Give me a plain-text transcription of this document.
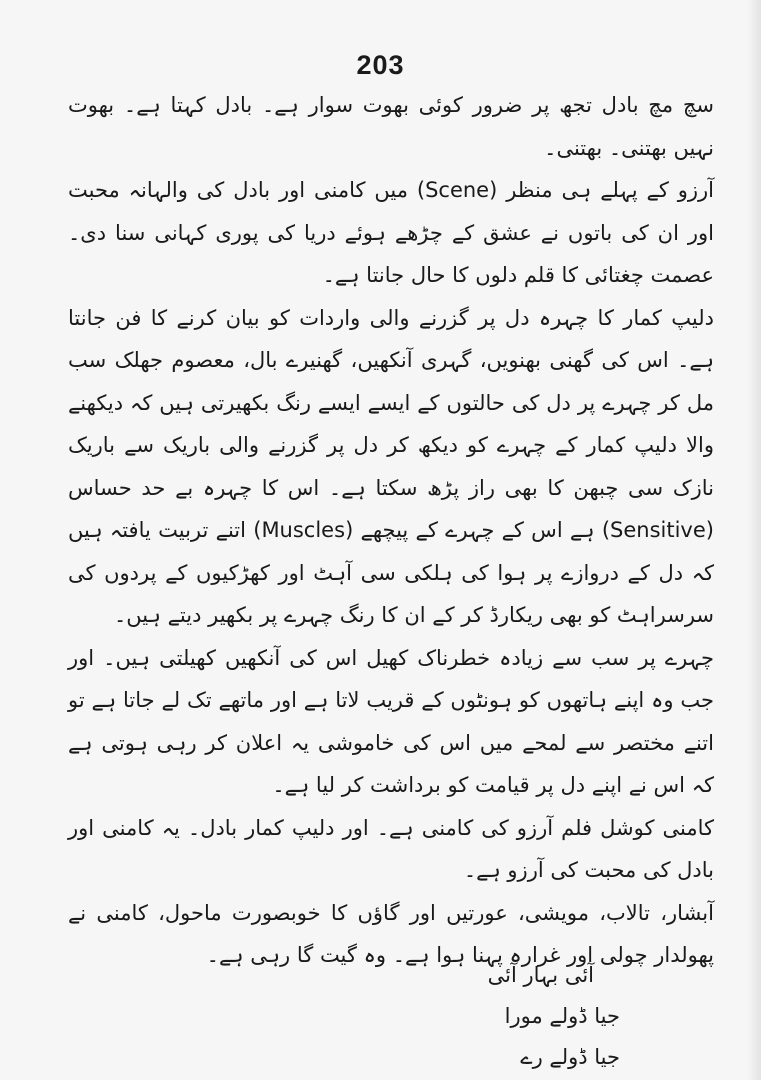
203

سچ مچ بادل تجھ پر ضرور کوئی بھوت سوار ہے۔ بادل کہتا ہے۔ بھوت نہیں بھتنی۔ بھتنی۔

آرزو کے پہلے ہی منظر (Scene) میں کامنی اور بادل کی والہانہ محبت اور ان کی باتوں نے عشق کے چڑھے ہوئے دریا کی پوری کہانی سنا دی۔ عصمت چغتائی کا قلم دلوں کا حال جانتا ہے۔

دلیپ کمار کا چہرہ دل پر گزرنے والی واردات کو بیان کرنے کا فن جانتا ہے۔ اس کی گھنی بھنویں، گہری آنکھیں، گھنیرے بال، معصوم جھلک سب مل کر چہرے پر دل کی حالتوں کے ایسے ایسے رنگ بکھیرتی ہیں کہ دیکھنے والا دلیپ کمار کے چہرے کو دیکھ کر دل پر گزرنے والی باریک سے باریک نازک سی چبھن کا بھی راز پڑھ سکتا ہے۔ اس کا چہرہ بے حد حساس (Sensitive) ہے اس کے چہرے کے پیچھے (Muscles) اتنے تربیت یافتہ ہیں کہ دل کے دروازے پر ہوا کی ہلکی سی آہٹ اور کھڑکیوں کے پردوں کی سرسراہٹ کو بھی ریکارڈ کر کے ان کا رنگ چہرے پر بکھیر دیتے ہیں۔

چہرے پر سب سے زیادہ خطرناک کھیل اس کی آنکھیں کھیلتی ہیں۔ اور جب وہ اپنے ہاتھوں کو ہونٹوں کے قریب لاتا ہے اور ماتھے تک لے جاتا ہے تو اتنے مختصر سے لمحے میں اس کی خاموشی یہ اعلان کر رہی ہوتی ہے کہ اس نے اپنے دل پر قیامت کو برداشت کر لیا ہے۔

کامنی کوشل فلم آرزو کی کامنی ہے۔ اور دلیپ کمار بادل۔ یہ کامنی اور بادل کی محبت کی آرزو ہے۔

آبشار، تالاب، مویشی، عورتیں اور گاؤں کا خوبصورت ماحول، کامنی نے پھولدار چولی اور غرارہ پہنا ہوا ہے۔ وہ گیت گا رہی ہے۔

آئی بہار آئی
جیا ڈولے مورا
جیا ڈولے رے
